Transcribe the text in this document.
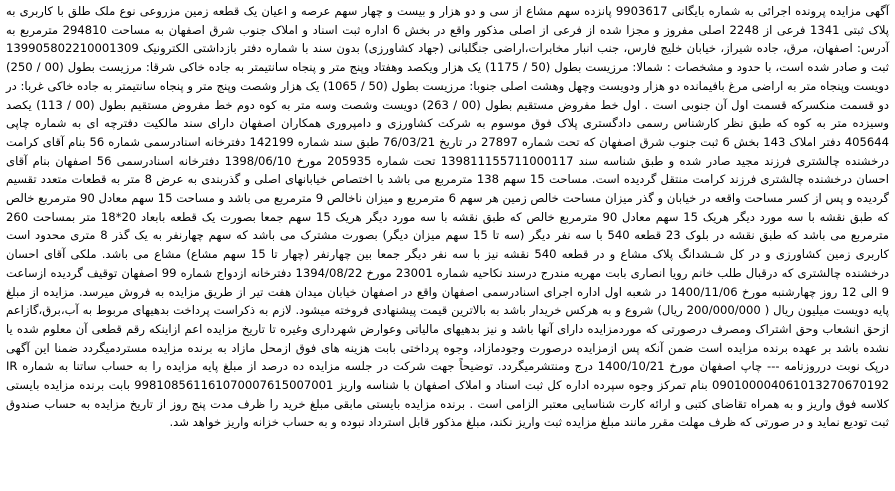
آگهی مزایده پرونده اجرائی به شماره بایگانی 9903617 پانزده سهم مشاع از سی و دو هزار و بیست و چهار سهم عرصه و اعیان یک قطعه زمین مزروعی نوع ملک طلق با کاربری به پلاک ثبتی 1341 فرعی از 2248 اصلی مفروز و مجزا شده از فرعی از اصلی مذکور واقع در بخش 6 اداره ثبت اسناد و املاک جنوب شرق اصفهان به مساحت 294810 مترمربع به آدرس: اصفهان، مرق، جاده شیراز، خیابان خلیج فارس، جنب انبار مخابرات،اراضی جنگلبانی (جهاد کشاورزی) بدون سند با شماره دفتر بازداشتی الکترونیک 139905802210001309 ثبت و صادر شده است، با حدود و مشخصات : شمالا: مرزیست بطول (50 / 1175) یک هزار ویکصد وهفتاد وپنج متر و پنجاه سانتیمتر به جاده خاکی شرقا: مرزیست بطول (00 / 250) دویست وپنجاه متر به اراضی مرغ بافیمانده دو هزار ودویست وچهل وهشت اصلی جنوبا: مرزیست بطول (50 / 1065) یک هزار وشصت وپنج متر و پنجاه سانتیمتر به جاده خاکی غربا: در دو قسمت منکسرکه قسمت اول آن جنوبی است . اول خط مفروض مستقیم بطول (00 / 263) دویست وشصت وسه متر به کوه دوم خط مفروض مستقیم بطول (00 / 113) یکصد وسیزده متر به کوه که طبق نظر کارشناس رسمی دادگستری پلاک فوق موسوم به شرکت کشاورزی و دامپروری همکاران اصفهان دارای سند مالکیت دفترچه ای به شماره چاپی 405644 دفتر املاک 143 بخش 6 ثبت جنوب شرق اصفهان که تحت شماره 27897 در تاریخ 76/03/21 طبق سند شماره 142199 دفترخانه اسنادرسمی شماره 56 بنام آقای کرامت درخشنده چالشتری فرزند مجید صادر شده و طبق شناسه سند 139811155711000117 تحت شماره 205935 مورخ 1398/06/10 دفترخانه اسنادرسمی 56 اصفهان بنام آقای احسان درخشنده چالشتری فرزند کرامت منتقل گردیده است. مساحت 15 سهم 138 مترمربع می باشد با اختصاص خیابانهای اصلی و گذربندی به عرض 8 متر به قطعات متعدد تقسیم گردیده و پس از کسر مساحت واقعه در خیابان و گذر میزان مساحت خالص زمین هر سهم 6 مترمربع و میزان ناخالص 9 مترمربع می باشد و مساحت 15 سهم معادل 90 مترمربع خالص که طبق نقشه با سه مورد دیگر هریک 15 سهم معادل 90 مترمربع خالص که طبق نقشه با سه مورد دیگر هریک 15 سهم جمعا بصورت یک قطعه بابعاد 20*18 متر بمساحت 260 مترمربع می باشد که طبق نقشه در بلوک 23 قطعه 540 با سه نفر دیگر (سه تا 15 سهم میزان دیگر) بصورت مشترک می باشد که سهم چهارنفر به یک گذر 8 متری محدود است کاربری زمین کشاورزی و در کل شـشدانگ پلاک مشاع و در قطعه 540 نقشه نیز با سه نفر دیگر جمعا بین چهارنفر (چهار تا 15 سهم مشاع) مشاع می باشد. ملکی آقای احسان درخشنده چالشتری که درقبال طلب خانم رویا انصاری بابت مهریه مندرج درسند نکاحیه شماره 23001 مورخ 1394/08/22 دفترخانه ازدواج شماره 99 اصفهان توقیف گردیده ازساعت 9 الی 12 روز چهارشنبه مورخ 1400/11/06 در شعبه اول اداره اجرای اسنادرسمی اصفهان واقع در اصفهان خیابان میدان هفت تیر از طریق مزایده به فروش میرسد. مزایده از مبلغ پایه دویست میلیون ریال ( 200/000/000 ریال) شروع و به هرکس خریدار باشد به بالاترین قیمت پیشنهادی فروخته میشود. لازم به ذکراست پرداخت بدهیهای مربوط به آب،برق،گازاعم ازحق انشعاب وحق اشتراک ومصرف درصورتی که موردمزایده دارای آنها باشد و نیز بدهیهای مالیاتی وعوارض شهرداری وغیره تا تاریخ مزایده اعم ازاینکه رقم قطعی آن معلوم شده یا نشده باشد بر عهده برنده مزایده است ضمن آنکه پس ازمزایده درصورت وجودمازاد، وجوه پرداختی بابت هزینه های فوق ازمحل مازاد به برنده مزایده مستردمیگردد ضمنا این آگهی درپک نوبت درروزنامه --- چاپ اصفهان مورخ 1400/10/21 درج ومنتشرمیگردد. توضیحاً جهت شرکت در جلسه مزایده ده درصد از مبلغ پایه مزایده را به حساب ساتنا به شماره IR 090100004061013270670192 بنام تمرکز وجوه سپرده اداره کل ثبت اسناد و املاک اصفهان با شناسه واریز 998108561161070007615007001 بابت برنده مزایده بایستی کلاسه فوق واریز و به همراه تقاضای کتبی و ارائه کارت شناسایی معتبر الزامی است . برنده مزایده بایستی مابقی مبلغ خرید را ظرف مدت پنج روز از تاریخ مزایده به حساب صندوق ثبت تودیع نماید و در صورتی که ظرف مهلت مقرر مانند مبلغ مزایده ثبت واریز نکند، مبلغ مذکور قابل استرداد نبوده و به حساب خزانه واریز خواهد شد.
